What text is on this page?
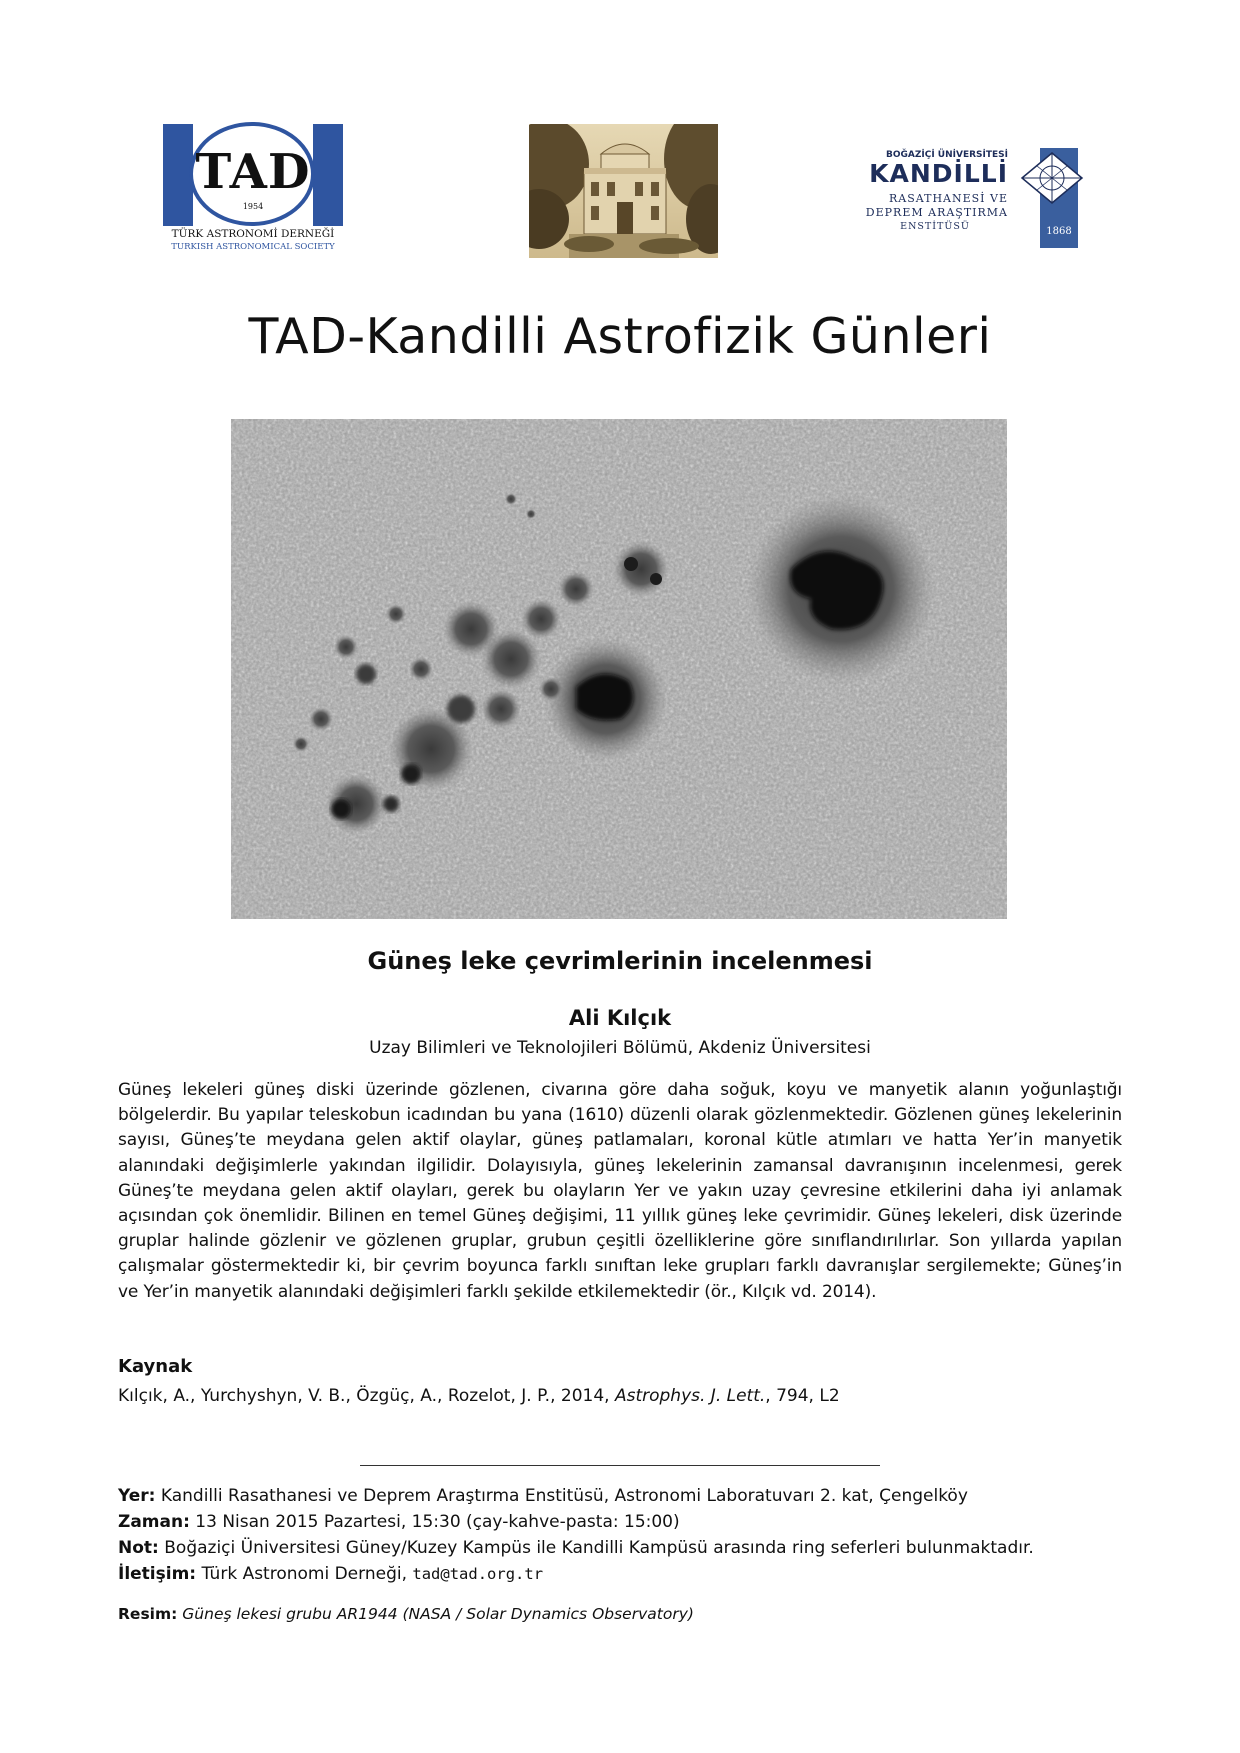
TAD
1954
TÜRK ASTRONOMİ DERNEĞİ
TURKISH ASTRONOMICAL SOCIETY
BOĞAZİÇİ ÜNİVERSİTESİ
KANDİLLİ
RASATHANESİ VE
DEPREM ARAŞTIRMA
ENSTİTÜSÜ	1868
TAD-Kandilli Astrofizik Günleri
Güneş leke çevrimlerinin incelenmesi
Ali Kılçık
Uzay Bilimleri ve Teknolojileri Bölümü, Akdeniz Üniversitesi
Güneş lekeleri güneş diski üzerinde gözlenen, civarına göre daha soğuk, koyu ve manyetik alanın yoğunlaştığı bölgelerdir. Bu yapılar teleskobun icadından bu yana (1610) düzenli olarak gözlenmektedir. Gözlenen güneş lekelerinin sayısı, Güneş’te meydana gelen aktif olaylar, güneş patlamaları, koronal kütle atımları ve hatta Yer’in manyetik alanındaki değişimlerle yakından ilgilidir. Dolayısıyla, güneş lekelerinin zamansal davranışının incelenmesi, gerek Güneş’te meydana gelen aktif olayları, gerek bu olayların Yer ve yakın uzay çevresine etkilerini daha iyi anlamak açısından çok önemlidir. Bilinen en temel Güneş değişimi, 11 yıllık güneş leke çevrimidir. Güneş lekeleri, disk üzerinde gruplar halinde gözlenir ve gözlenen gruplar, grubun çeşitli özelliklerine göre sınıflandırılırlar. Son yıllarda yapılan çalışmalar göstermektedir ki, bir çevrim boyunca farklı sınıftan leke grupları farklı davranışlar sergilemekte; Güneş’in ve Yer’in manyetik alanındaki değişimleri farklı şekilde etkilemektedir (ör., Kılçık vd. 2014).
Kaynak
Kılçık, A., Yurchyshyn, V. B., Özgüç, A., Rozelot, J. P., 2014, Astrophys. J. Lett., 794, L2
Yer: Kandilli Rasathanesi ve Deprem Araştırma Enstitüsü, Astronomi Laboratuvarı 2. kat, Çengelköy
Zaman: 13 Nisan 2015 Pazartesi, 15:30 (çay-kahve-pasta: 15:00)
Not: Boğaziçi Üniversitesi Güney/Kuzey Kampüs ile Kandilli Kampüsü arasında ring seferleri bulunmaktadır.
İletişim: Türk Astronomi Derneği, tad@tad.org.tr
Resim: Güneş lekesi grubu AR1944 (NASA / Solar Dynamics Observatory)
